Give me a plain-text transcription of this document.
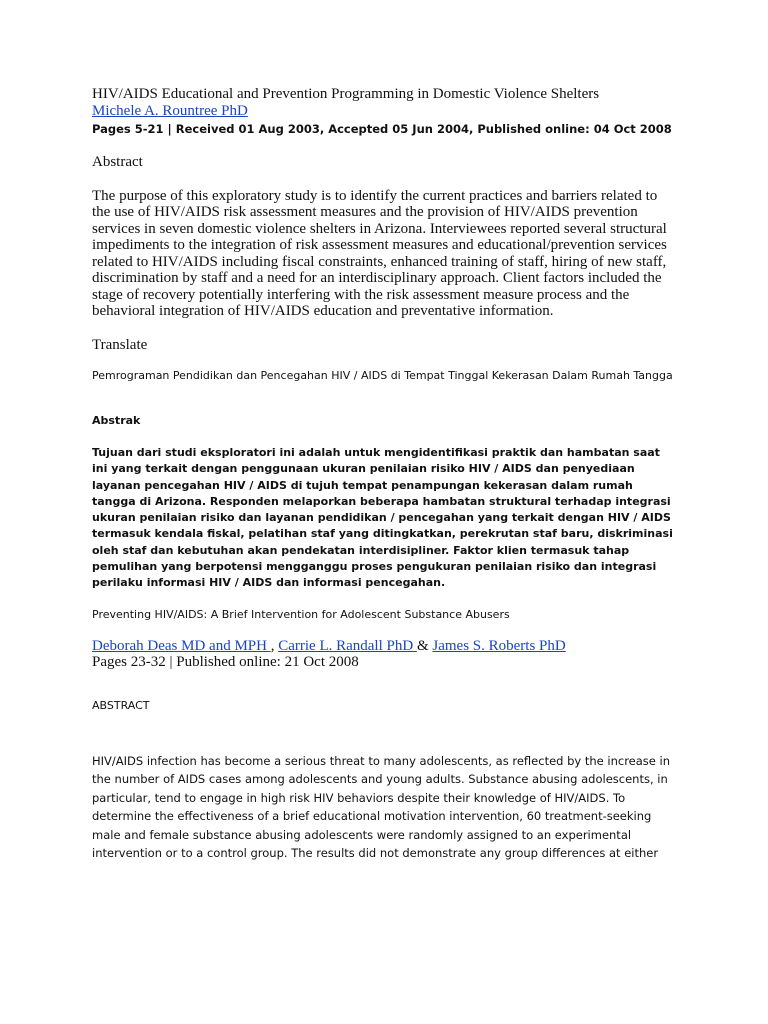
HIV/AIDS Educational and Prevention Programming in Domestic Violence Shelters

Michele A. Rountree PhD

Pages 5-21 | Received 01 Aug 2003, Accepted 05 Jun 2004, Published online: 04 Oct 2008

Abstract

The purpose of this exploratory study is to identify the current practices and barriers related to the use of HIV/AIDS risk assessment measures and the provision of HIV/AIDS prevention services in seven domestic violence shelters in Arizona. Interviewees reported several structural impediments to the integration of risk assessment measures and educational/prevention services related to HIV/AIDS including fiscal constraints, enhanced training of staff, hiring of new staff, discrimination by staff and a need for an interdisciplinary approach. Client factors included the stage of recovery potentially interfering with the risk assessment measure process and the behavioral integration of HIV/AIDS education and preventative information.

Translate

Pemrograman Pendidikan dan Pencegahan HIV / AIDS di Tempat Tinggal Kekerasan Dalam Rumah Tangga

Abstrak

Tujuan dari studi eksploratori ini adalah untuk mengidentifikasi praktik dan hambatan saat ini yang terkait dengan penggunaan ukuran penilaian risiko HIV / AIDS dan penyediaan layanan pencegahan HIV / AIDS di tujuh tempat penampungan kekerasan dalam rumah tangga di Arizona. Responden melaporkan beberapa hambatan struktural terhadap integrasi ukuran penilaian risiko dan layanan pendidikan / pencegahan yang terkait dengan HIV / AIDS termasuk kendala fiskal, pelatihan staf yang ditingkatkan, perekrutan staf baru, diskriminasi oleh staf dan kebutuhan akan pendekatan interdisipliner. Faktor klien termasuk tahap pemulihan yang berpotensi mengganggu proses pengukuran penilaian risiko dan integrasi perilaku informasi HIV / AIDS dan informasi pencegahan.

Preventing HIV/AIDS: A Brief Intervention for Adolescent Substance Abusers

Deborah Deas MD and MPH , Carrie L. Randall PhD & James S. Roberts PhD

Pages 23-32 | Published online: 21 Oct 2008

ABSTRACT

HIV/AIDS infection has become a serious threat to many adolescents, as reflected by the increase in the number of AIDS cases among adolescents and young adults. Substance abusing adolescents, in particular, tend to engage in high risk HIV behaviors despite their knowledge of HIV/AIDS. To determine the effectiveness of a brief educational motivation intervention, 60 treatment-seeking male and female substance abusing adolescents were randomly assigned to an experimental intervention or to a control group. The results did not demonstrate any group differences at either
